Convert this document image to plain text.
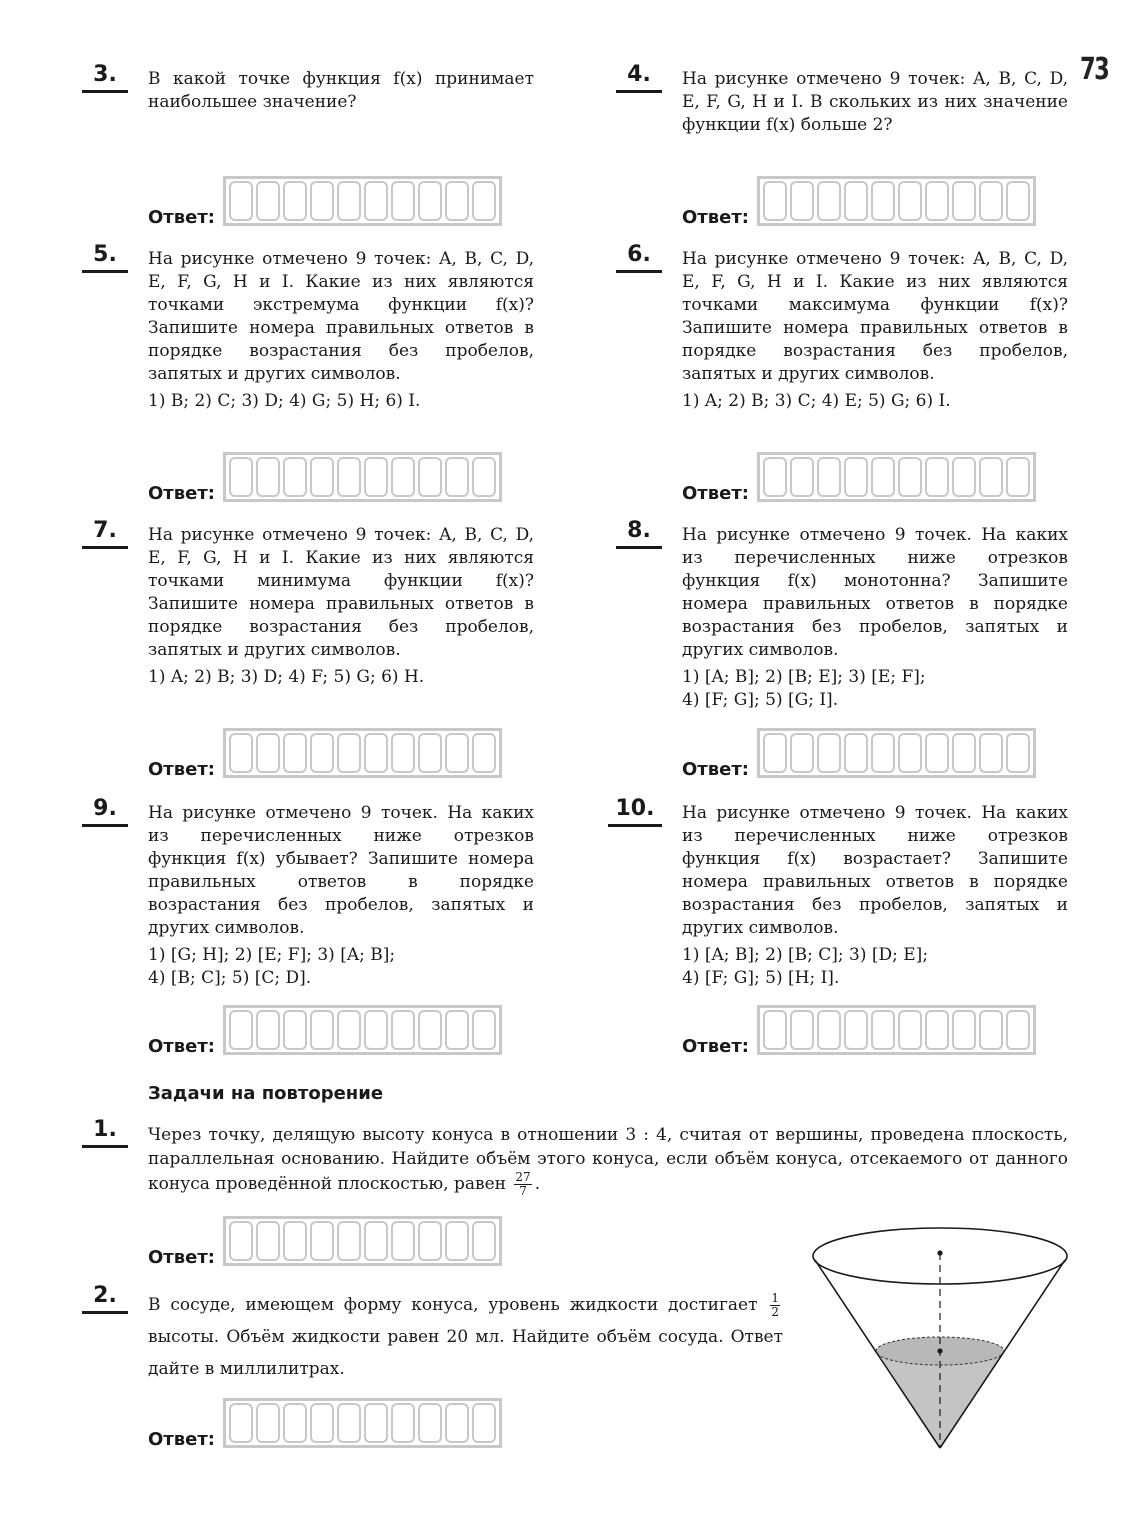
73
3.	В какой точке функция f(x) принимает наибольшее значение?

Ответ:
4.	На рисунке отмечено 9 точек: A, B, C, D, E, F, G, H и I. В скольких из них значение функции f(x) больше 2?

Ответ:
5.	На рисунке отмечено 9 точек: A, B, C, D, E, F, G, H и I. Какие из них являются точками экстремума функции f(x)? Запишите номера правильных ответов в порядке возрастания без пробелов, запятых и других символов.

1) B; 2) C; 3) D; 4) G; 5) H; 6) I.

Ответ:
6.	На рисунке отмечено 9 точек: A, B, C, D, E, F, G, H и I. Какие из них являются точками максимума функции f(x)? Запишите номера правильных ответов в порядке возрастания без пробелов, запятых и других символов.

1) A; 2) B; 3) C; 4) E; 5) G; 6) I.

Ответ:
7.	На рисунке отмечено 9 точек: A, B, C, D, E, F, G, H и I. Какие из них являются точками минимума функции f(x)? Запишите номера правильных ответов в порядке возрастания без пробелов, запятых и других символов.

1) A; 2) B; 3) D; 4) F; 5) G; 6) H.

Ответ:
8.	На рисунке отмечено 9 точек. На каких из перечисленных ниже отрезков функция f(x) монотонна? Запишите номера правильных ответов в порядке возрастания без пробелов, запятых и других символов.

1) [A; B]; 2) [B; E]; 3) [E; F];
4) [F; G]; 5) [G; I].

Ответ:
9.	На рисунке отмечено 9 точек. На каких из перечисленных ниже отрезков функция f(x) убывает? Запишите номера правильных ответов в порядке возрастания без пробелов, запятых и других символов.

1) [G; H]; 2) [E; F]; 3) [A; B];
4) [B; C]; 5) [C; D].

Ответ:
10.	На рисунке отмечено 9 точек. На каких из перечисленных ниже отрезков функция f(x) возрастает? Запишите номера правильных ответов в порядке возрастания без пробелов, запятых и других символов.

1) [A; B]; 2) [B; C]; 3) [D; E];
4) [F; G]; 5) [H; I].

Ответ:
Задачи на повторение
1.	Через точку, делящую высоту конуса в отношении 3 : 4, считая от вершины, проведена плоскость, параллельная основанию. Найдите объём этого конуса, если объём конуса, отсекаемого от данного конуса проведённой плоскостью, равен $\frac{27}{7}$ .

Ответ:
2.	В сосуде, имеющем форму конуса, уровень жидкости достигает $\frac{1}{2}$
высоты. Объём жидкости равен 20 мл. Найдите объём сосуда. Ответ дайте в миллилитрах.

Ответ:
